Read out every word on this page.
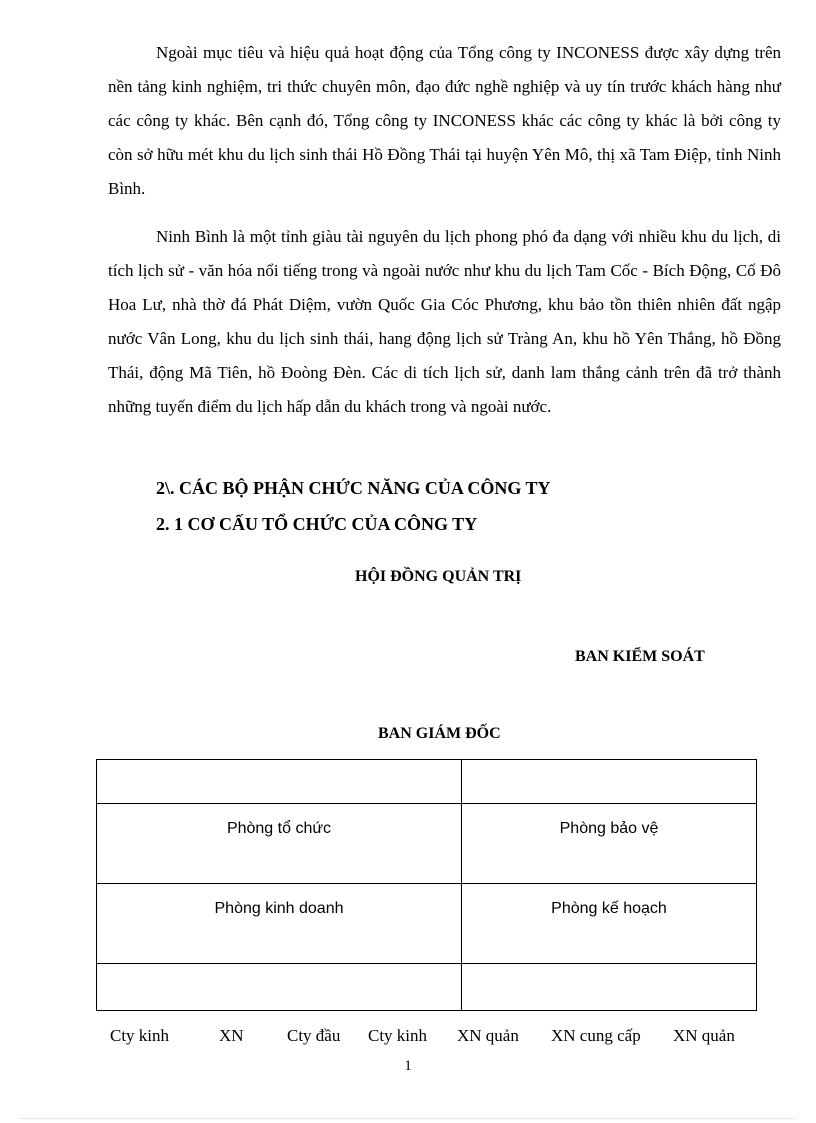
Ngoài mục tiêu và hiệu quả hoạt động của Tổng công ty INCONESS được xây dựng trên nền tảng kinh nghiệm, tri thức chuyên môn, đạo đức nghề nghiệp và uy tín trước khách hàng như các công ty khác. Bên cạnh đó, Tổng công ty INCONESS khác các công ty khác là bởi công ty còn sở hữu mét khu du lịch sinh thái Hồ Đồng Thái tại huyện Yên Mô, thị xã Tam Điệp, tỉnh Ninh Bình.

Ninh Bình là một tỉnh giàu tài nguyên du lịch phong phó đa dạng với nhiều khu du lịch, di tích lịch sử - văn hóa nổi tiếng trong và ngoài nước như khu du lịch Tam Cốc - Bích Động, Cố Đô Hoa Lư, nhà thờ đá Phát Diệm, vườn Quốc Gia Cóc Phương, khu bảo tồn thiên nhiên đất ngập nước Vân Long, khu du lịch sinh thái, hang động lịch sử Tràng An, khu hồ Yên Thắng, hồ Đồng Thái, động Mã Tiên, hồ Đoòng Đèn. Các di tích lịch sử, danh lam thắng cảnh trên đã trở thành những tuyến điểm du lịch hấp dẫn du khách trong và ngoài nước.

2\. CÁC BỘ PHẬN CHỨC NĂNG CỦA CÔNG TY
2. 1 CƠ CẤU TỔ CHỨC CỦA CÔNG TY
HỘI ĐỒNG QUẢN TRỊ
BAN KIỂM SOÁT
BAN GIÁM ĐỐC

Phòng tổ chức	Phòng bảo vệ
Phòng kinh doanh	Phòng kế hoạch

Cty kinh	XN	Cty đầu Cty kinh XN quản XN cung cấp XN quản
1
